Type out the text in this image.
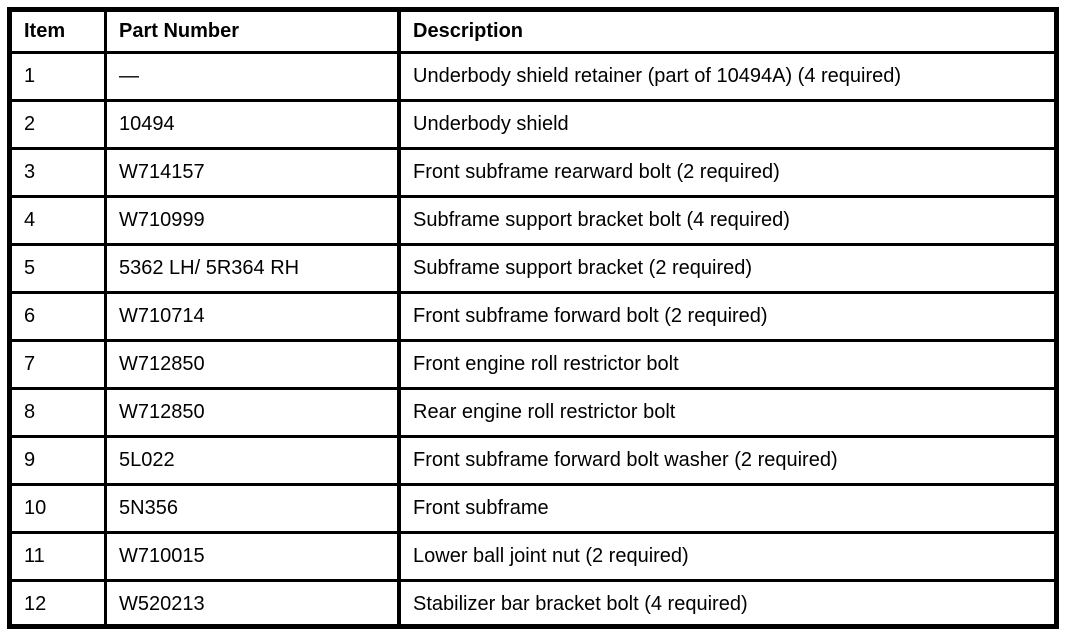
Item	Part Number	Description
1	—	Underbody shield retainer (part of 10494A) (4 required)
2	10494	Underbody shield
3	W714157	Front subframe rearward bolt (2 required)
4	W710999	Subframe support bracket bolt (4 required)
5	5362 LH/ 5R364 RH	Subframe support bracket (2 required)
6	W710714	Front subframe forward bolt (2 required)
7	W712850	Front engine roll restrictor bolt
8	W712850	Rear engine roll restrictor bolt
9	5L022	Front subframe forward bolt washer (2 required)
10	5N356	Front subframe
11	W710015	Lower ball joint nut (2 required)
12	W520213	Stabilizer bar bracket bolt (4 required)
